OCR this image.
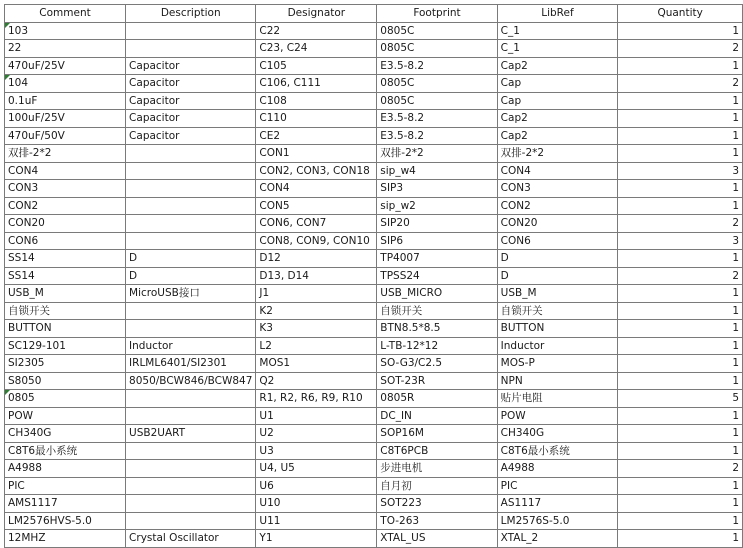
Comment	Description	Designator	Footprint	LibRef	Quantity
103		C22	0805C	C_1	1
22		C23, C24	0805C	C_1	2
470uF/25V	Capacitor	C105	E3.5-8.2	Cap2	1
104	Capacitor	C106, C111	0805C	Cap	2
0.1uF	Capacitor	C108	0805C	Cap	1
100uF/25V	Capacitor	C110	E3.5-8.2	Cap2	1
470uF/50V	Capacitor	CE2	E3.5-8.2	Cap2	1
双排-2*2		CON1	双排-2*2	双排-2*2	1
CON4		CON2, CON3, CON18	sip_w4	CON4	3
CON3		CON4	SIP3	CON3	1
CON2		CON5	sip_w2	CON2	1
CON20		CON6, CON7	SIP20	CON20	2
CON6		CON8, CON9, CON10	SIP6	CON6	3
SS14	D	D12	TP4007	D	1
SS14	D	D13, D14	TPSS24	D	2
USB_M	MicroUSB接口	J1	USB_MICRO	USB_M	1
自锁开关		K2	自锁开关	自锁开关	1
BUTTON		K3	BTN8.5*8.5	BUTTON	1
SC129-101	Inductor	L2	L-TB-12*12	Inductor	1
SI2305	IRLML6401/SI2301	MOS1	SO-G3/C2.5	MOS-P	1
S8050	8050/BCW846/BCW847	Q2	SOT-23R	NPN	1
0805		R1, R2, R6, R9, R10	0805R	贴片电阻	5
POW		U1	DC_IN	POW	1
CH340G	USB2UART	U2	SOP16M	CH340G	1
C8T6最小系统		U3	C8T6PCB	C8T6最小系统	1
A4988		U4, U5	步进电机	A4988	2
PIC		U6	自月初	PIC	1
AMS1117		U10	SOT223	AS1117	1
LM2576HVS-5.0		U11	TO-263	LM2576S-5.0	1
12MHZ	Crystal Oscillator	Y1	XTAL_US	XTAL_2	1
